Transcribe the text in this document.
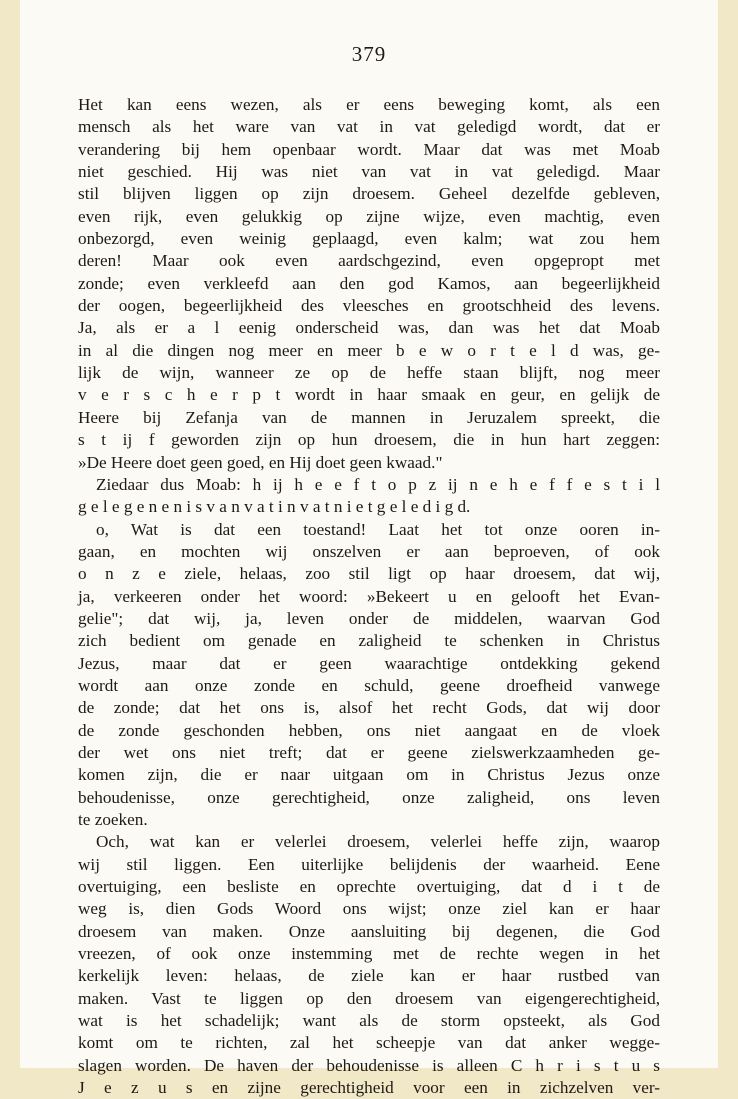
379
Het kan eens wezen, als er eens beweging komt, als een
mensch als het ware van vat in vat geledigd wordt, dat er
verandering bij hem openbaar wordt. Maar dat was met Moab
niet geschied. Hij was niet van vat in vat geledigd. Maar
stil blijven liggen op zijn droesem. Geheel dezelfde gebleven,
even rijk, even gelukkig op zijne wijze, even machtig, even
onbezorgd, even weinig geplaagd, even kalm; wat zou hem
deren! Maar ook even aardschgezind, even opgepropt met
zonde; even verkleefd aan den god Kamos, aan begeerlijkheid
der oogen, begeerlijkheid des vleesches en grootschheid des levens.
Ja, als er a l eenig onderscheid was, dan was het dat Moab
in al die dingen nog meer en meer b e w o r t e l d was, ge-
lijk de wijn, wanneer ze op de heffe staan blijft, nog meer
v e r s c h e r p t wordt in haar smaak en geur, en gelijk de
Heere bij Zefanja van de mannen in Jeruzalem spreekt, die
s t ij f geworden zijn op hun droesem, die in hun hart zeggen:
»De Heere doet geen goed, en Hij doet geen kwaad."
Ziedaar dus Moab: h ij h e e f t o p z ij n e h e f f e s t i l
g e l e g e n e n i s v a n v a t i n v a t n i e t g e l e d i g d.
o, Wat is dat een toestand! Laat het tot onze ooren in-
gaan, en mochten wij onszelven er aan beproeven, of ook
o n z e ziele, helaas, zoo stil ligt op haar droesem, dat wij,
ja, verkeeren onder het woord: »Bekeert u en gelooft het Evan-
gelie"; dat wij, ja, leven onder de middelen, waarvan God
zich bedient om genade en zaligheid te schenken in Christus
Jezus, maar dat er geen waarachtige ontdekking gekend
wordt aan onze zonde en schuld, geene droefheid vanwege
de zonde; dat het ons is, alsof het recht Gods, dat wij door
de zonde geschonden hebben, ons niet aangaat en de vloek
der wet ons niet treft; dat er geene zielswerkzaamheden ge-
komen zijn, die er naar uitgaan om in Christus Jezus onze
behoudenisse, onze gerechtigheid, onze zaligheid, ons leven
te zoeken.
Och, wat kan er velerlei droesem, velerlei heffe zijn, waarop
wij stil liggen. Een uiterlijke belijdenis der waarheid. Eene
overtuiging, een besliste en oprechte overtuiging, dat d i t de
weg is, dien Gods Woord ons wijst; onze ziel kan er haar
droesem van maken. Onze aansluiting bij degenen, die God
vreezen, of ook onze instemming met de rechte wegen in het
kerkelijk leven: helaas, de ziele kan er haar rustbed van
maken. Vast te liggen op den droesem van eigengerechtigheid,
wat is het schadelijk; want als de storm opsteekt, als God
komt om te richten, zal het scheepje van dat anker wegge-
slagen worden. De haven der behoudenisse is alleen C h r i s t u s
J e z u s en zijne gerechtigheid voor een in zichzelven ver-
